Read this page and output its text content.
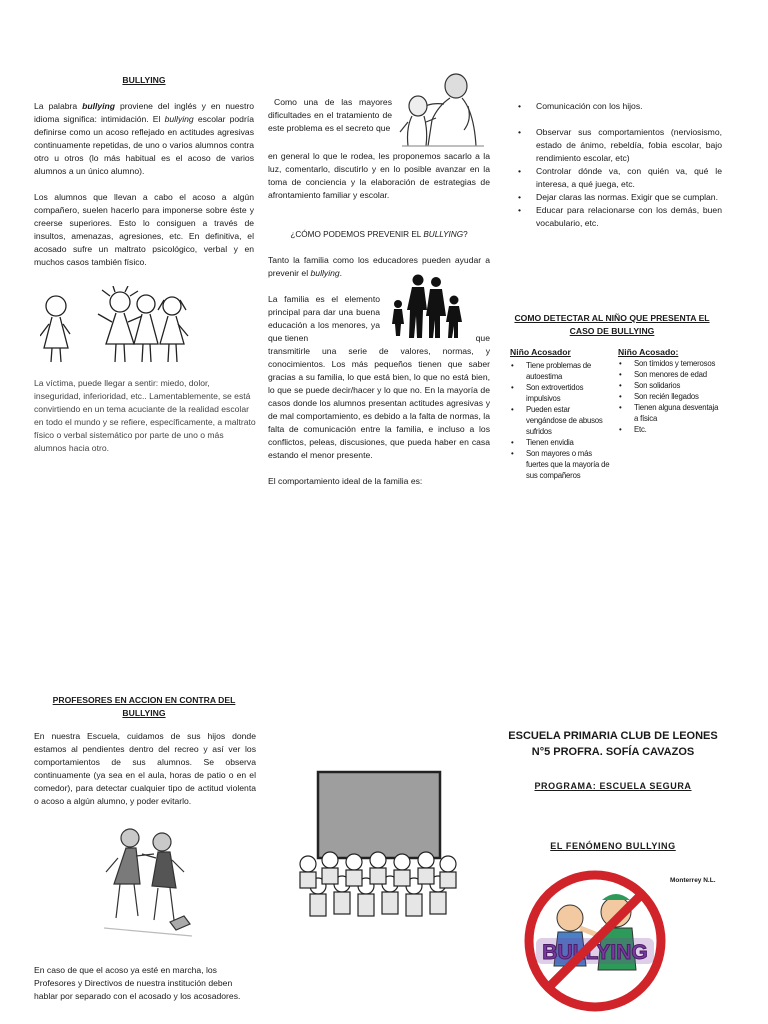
BULLYING

La palabra bullying proviene del inglés y en nuestro idioma significa: intimidación. El bullying escolar podría definirse como un acoso reflejado en actitudes agresivas continuamente repetidas, de uno o varios alumnos contra otro u otros (lo más habitual es el acoso de varios alumnos a un único alumno).

Los alumnos que llevan a cabo el acoso a algún compañero, suelen hacerlo para imponerse sobre éste y creerse superiores. Esto lo consiguen a través de insultos, amenazas, agresiones, etc. En definitiva, el acosado sufre un maltrato psicológico, verbal y en muchos casos también físico.

La víctima, puede llegar a sentir: miedo, dolor, inseguridad, inferioridad, etc.. Lamentablemente, se está convirtiendo en un tema acuciante de la realidad escolar en todo el mundo y se refiere, específicamente, a maltrato físico o verbal sistemático por parte de uno o más alumnos hacia otro.

Como una de las mayores dificultades en el tratamiento de este problema es el secreto que

en general lo que le rodea, les proponemos sacarlo a la luz, comentarlo, discutirlo y en lo posible avanzar en la toma de conciencia y la elaboración de estrategias de afrontamiento familiar y escolar.

¿CÓMO PODEMOS PREVENIR EL BULLYING?

Tanto la familia como los educadores pueden ayudar a prevenir el bullying.

La familia es el elemento principal para dar una buena educación a los menores, ya que tienen	que

transmitirle una serie de valores, normas, y conocimientos. Los más pequeños tienen que saber gracias a su familia, lo que está bien, lo que no está bien, lo que se puede decir/hacer y lo que no. En la mayoría de casos donde los alumnos presentan actitudes agresivas y de mal comportamiento, es debido a la falta de normas, la falta de comunicación entre la familia, e incluso a los conflictos, peleas, discusiones, que pueda haber en casa estando el menor presente.

El comportamiento ideal de la familia es:

• Comunicación con los hijos.
• Observar sus comportamientos (nerviosismo, estado de ánimo, rebeldía, fobia escolar, bajo rendimiento escolar, etc)
• Controlar dónde va, con quién va, qué le interesa, a qué juega, etc.
• Dejar claras las normas. Exigir que se cumplan.
• Educar para relacionarse con los demás, buen vocabulario, etc.
COMO DETECTAR AL NIÑO QUE PRESENTA EL CASO DE BULLYING
Niño Acosador	Niño Acosado:
• Tiene problemas de autoestima
• Son extrovertidos impulsivos
• Pueden estar vengándose de abusos sufridos
• Tienen envidia
• Son mayores o más fuertes que la mayoría de sus compañeros
• Son tímidos y temerosos
• Son menores de edad
• Son solidarios
• Son recién llegados
• Tienen alguna desventaja a física
• Etc.
PROFESORES EN ACCION EN CONTRA DEL BULLYING

En nuestra Escuela, cuidamos de sus hijos donde estamos al pendientes dentro del recreo y así ver los comportamientos de sus alumnos. Se observa continuamente (ya sea en el aula, horas de patio o en el comedor), para detectar cualquier tipo de actitud violenta o acoso a algún alumno, y poder evitarlo.

En caso de que el acoso ya esté en marcha, los Profesores y Directivos de nuestra institución deben hablar por separado con el acosado y los acosadores.

ESCUELA PRIMARIA CLUB DE LEONES
N°5 PROFRA. SOFÍA CAVAZOS
PROGRAMA: ESCUELA SEGURA
EL FENÓMENO BULLYING
Monterrey N.L.
BULLYING
